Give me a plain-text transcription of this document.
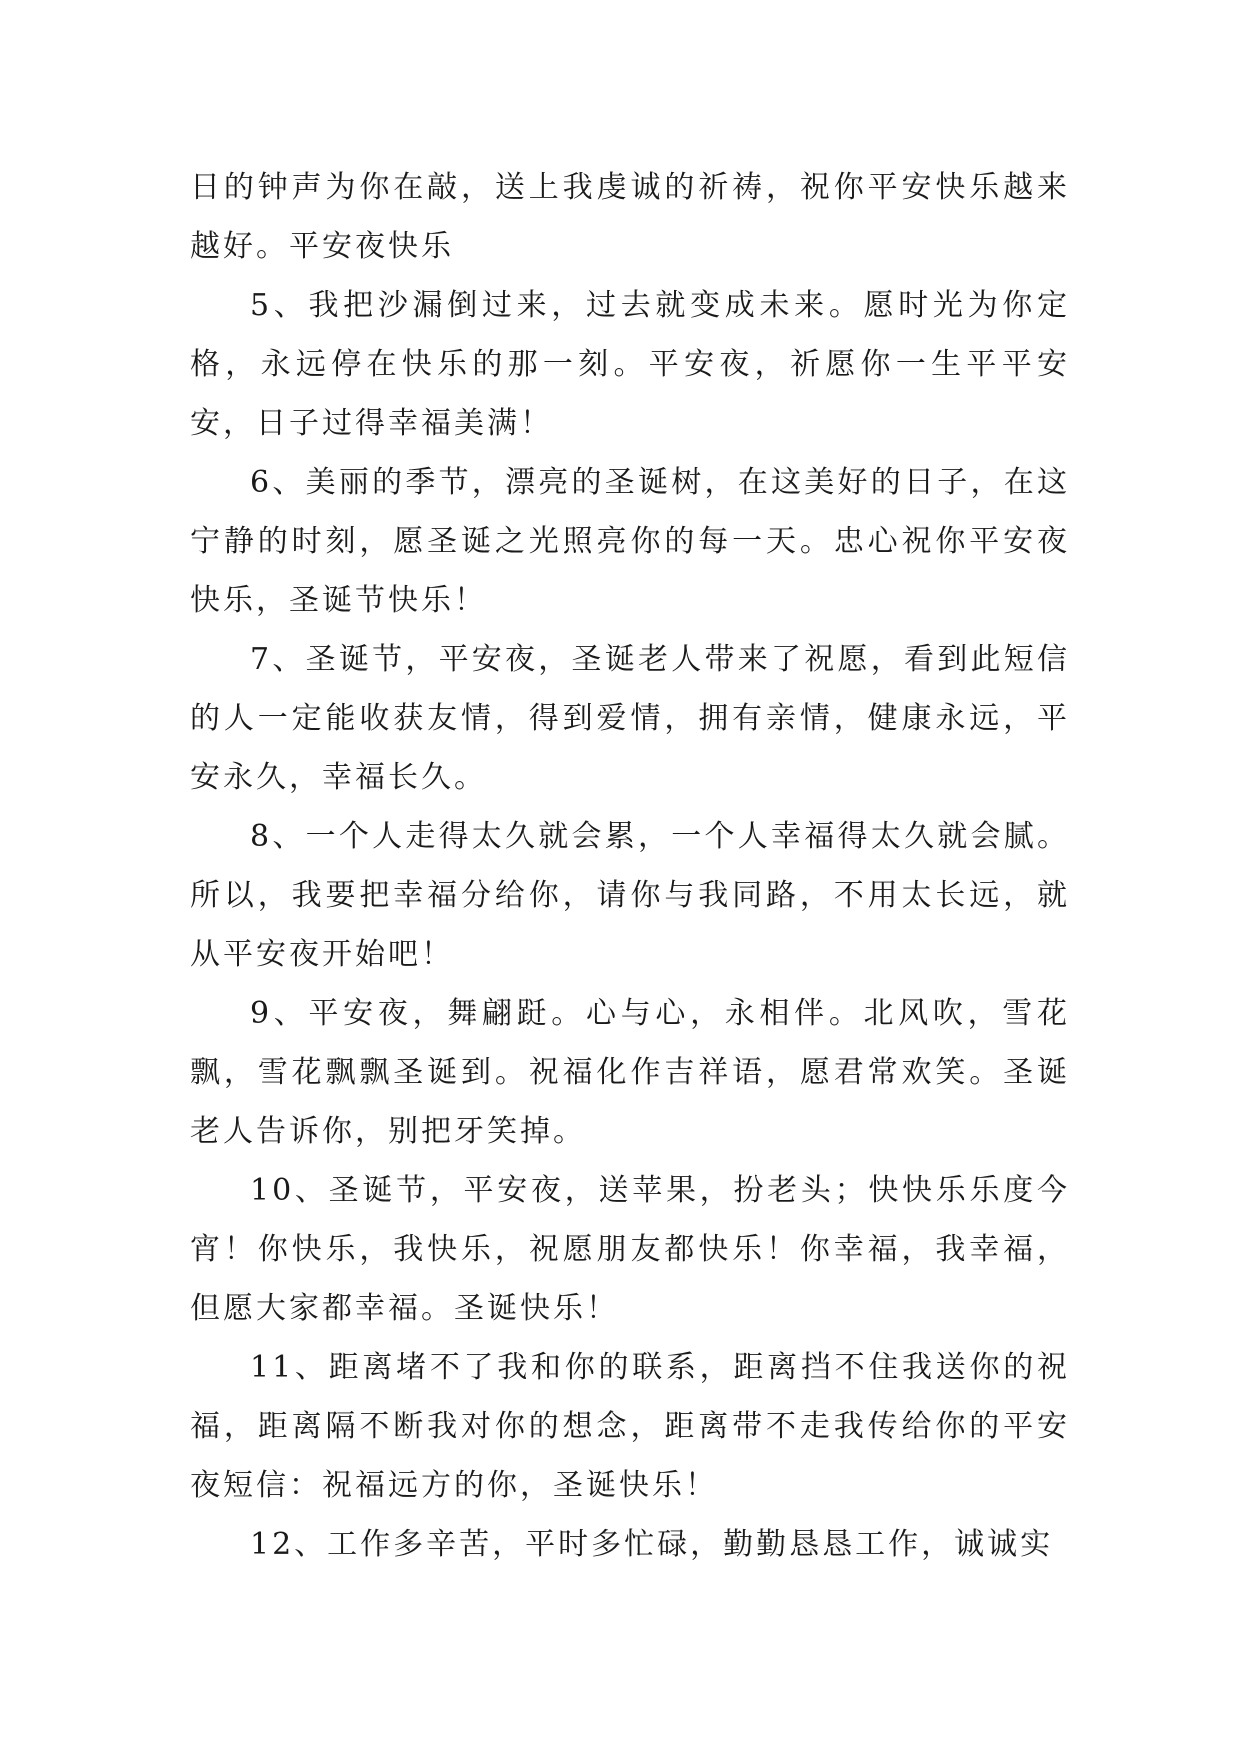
日的钟声为你在敲，送上我虔诚的祈祷，祝你平安快乐越来越好。平安夜快乐

5、我把沙漏倒过来，过去就变成未来。愿时光为你定格，永远停在快乐的那一刻。平安夜，祈愿你一生平平安安，日子过得幸福美满！

6、美丽的季节，漂亮的圣诞树，在这美好的日子，在这宁静的时刻，愿圣诞之光照亮你的每一天。忠心祝你平安夜快乐，圣诞节快乐！

7、圣诞节，平安夜，圣诞老人带来了祝愿，看到此短信的人一定能收获友情，得到爱情，拥有亲情，健康永远，平安永久，幸福长久。

8、一个人走得太久就会累，一个人幸福得太久就会腻。所以，我要把幸福分给你，请你与我同路，不用太长远，就从平安夜开始吧！

9、平安夜，舞翩跹。心与心，永相伴。北风吹，雪花飘，雪花飘飘圣诞到。祝福化作吉祥语，愿君常欢笑。圣诞老人告诉你，别把牙笑掉。

10、圣诞节，平安夜，送苹果，扮老头；快快乐乐度今宵！你快乐，我快乐，祝愿朋友都快乐！你幸福，我幸福，但愿大家都幸福。圣诞快乐！

11、距离堵不了我和你的联系，距离挡不住我送你的祝福，距离隔不断我对你的想念，距离带不走我传给你的平安夜短信：祝福远方的你，圣诞快乐！

12、工作多辛苦，平时多忙碌，勤勤恳恳工作，诚诚实
